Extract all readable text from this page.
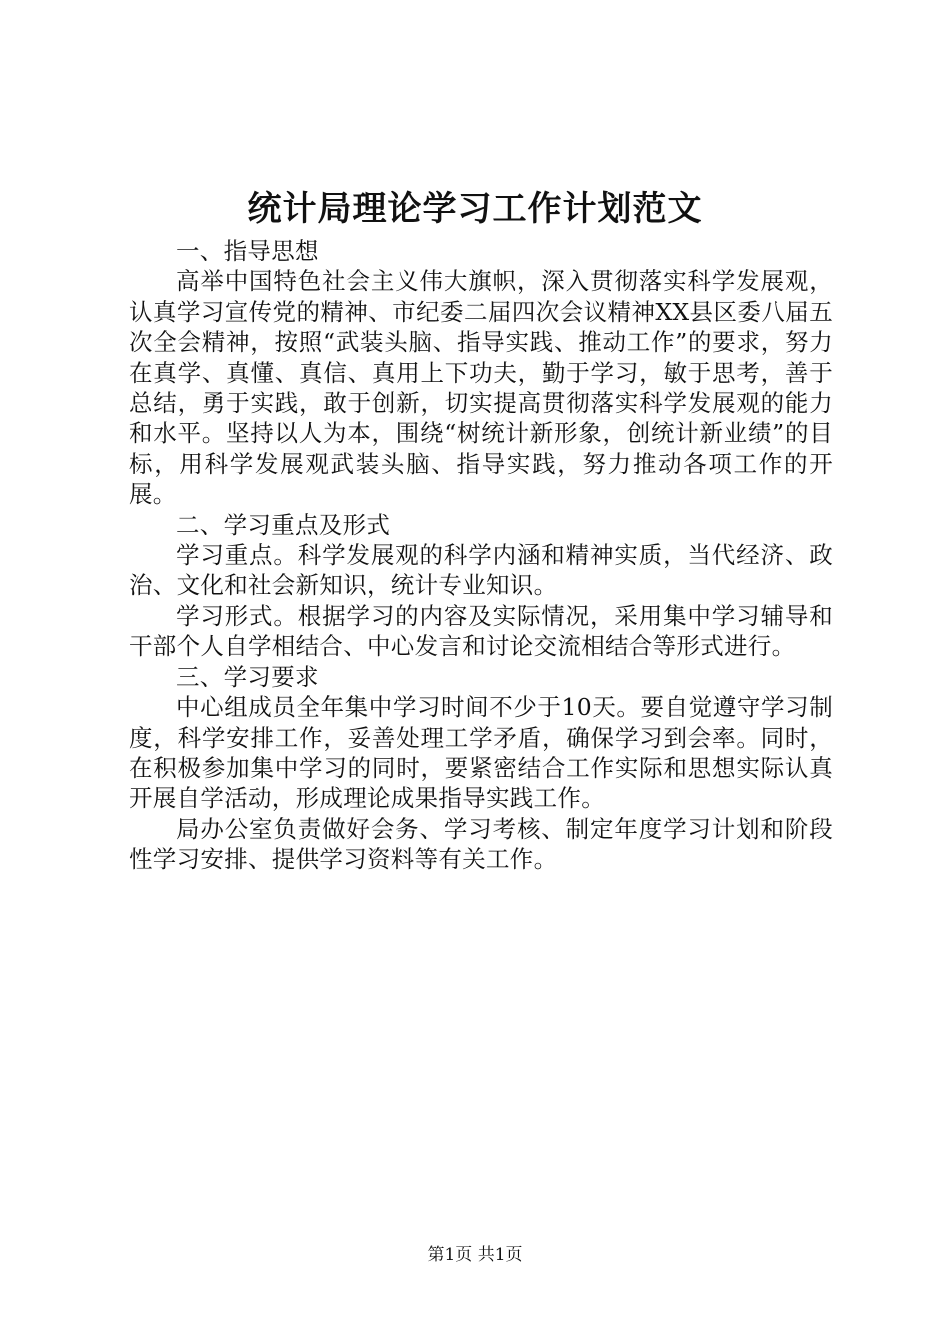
统计局理论学习工作计划范文

一、指导思想

高举中国特色社会主义伟大旗帜，深入贯彻落实科学发展观，认真学习宣传党的精神、市纪委二届四次会议精神XX县区委八届五次全会精神，按照“武装头脑、指导实践、推动工作”的要求，努力在真学、真懂、真信、真用上下功夫，勤于学习，敏于思考，善于总结，勇于实践，敢于创新，切实提高贯彻落实科学发展观的能力和水平。坚持以人为本，围绕“树统计新形象，创统计新业绩”的目标，用科学发展观武装头脑、指导实践，努力推动各项工作的开展。

二、学习重点及形式

学习重点。科学发展观的科学内涵和精神实质，当代经济、政治、文化和社会新知识，统计专业知识。

学习形式。根据学习的内容及实际情况，采用集中学习辅导和干部个人自学相结合、中心发言和讨论交流相结合等形式进行。

三、学习要求

中心组成员全年集中学习时间不少于10天。要自觉遵守学习制度，科学安排工作，妥善处理工学矛盾，确保学习到会率。同时，在积极参加集中学习的同时，要紧密结合工作实际和思想实际认真开展自学活动，形成理论成果指导实践工作。

局办公室负责做好会务、学习考核、制定年度学习计划和阶段性学习安排、提供学习资料等有关工作。

第1页 共1页
